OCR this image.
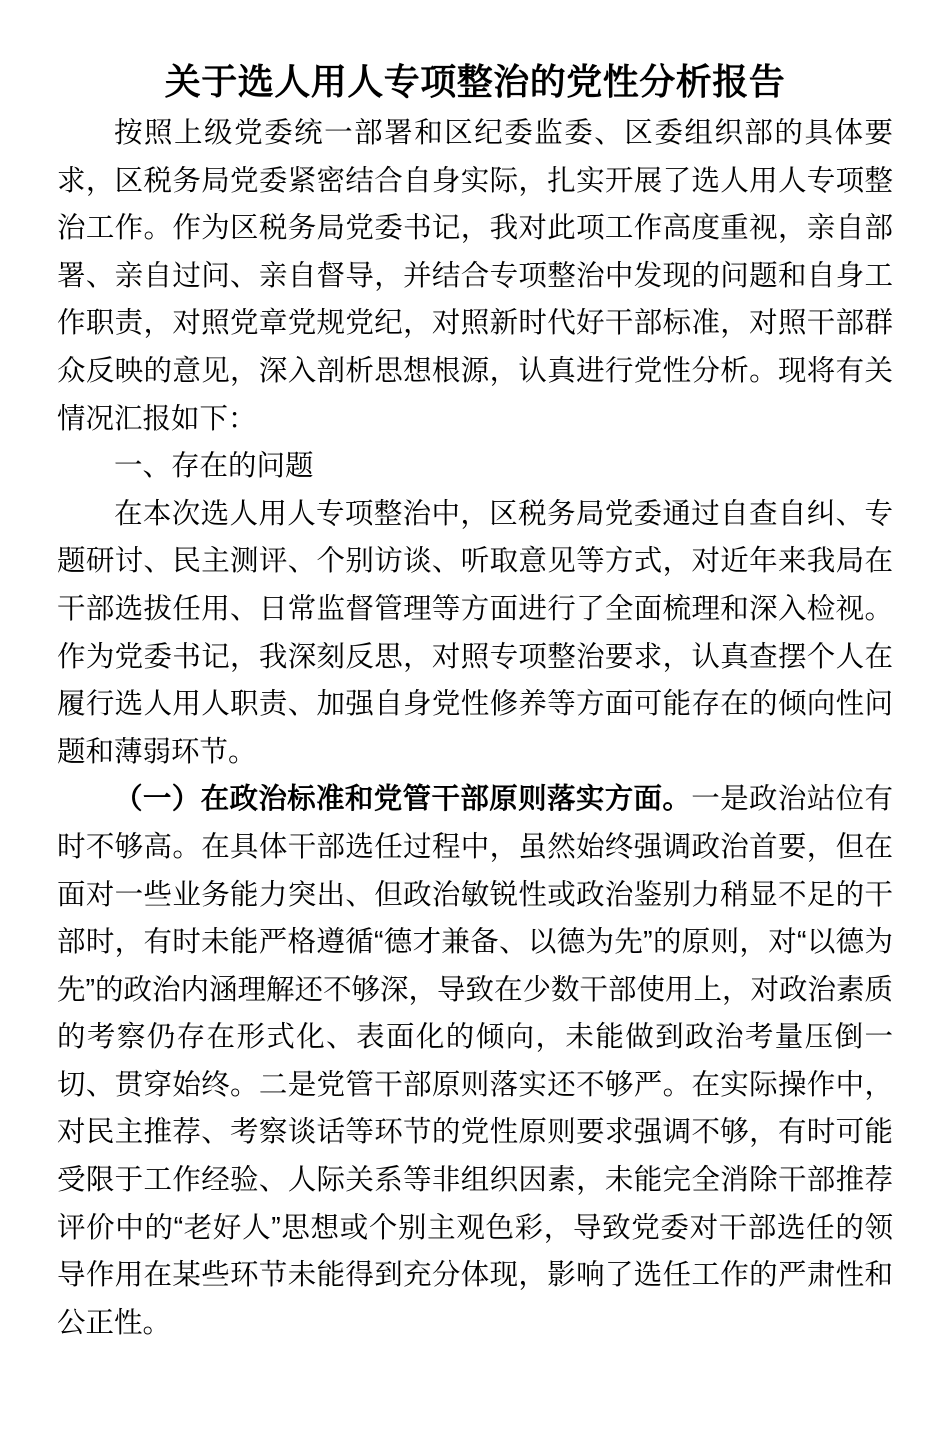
关于选人用人专项整治的党性分析报告

按照上级党委统一部署和区纪委监委、区委组织部的具体要求，区税务局党委紧密结合自身实际，扎实开展了选人用人专项整治工作。作为区税务局党委书记，我对此项工作高度重视，亲自部署、亲自过问、亲自督导，并结合专项整治中发现的问题和自身工作职责，对照党章党规党纪，对照新时代好干部标准，对照干部群众反映的意见，深入剖析思想根源，认真进行党性分析。现将有关情况汇报如下：

一、存在的问题

在本次选人用人专项整治中，区税务局党委通过自查自纠、专题研讨、民主测评、个别访谈、听取意见等方式，对近年来我局在干部选拔任用、日常监督管理等方面进行了全面梳理和深入检视。作为党委书记，我深刻反思，对照专项整治要求，认真查摆个人在履行选人用人职责、加强自身党性修养等方面可能存在的倾向性问题和薄弱环节。

（一）在政治标准和党管干部原则落实方面。一是政治站位有时不够高。在具体干部选任过程中，虽然始终强调政治首要，但在面对一些业务能力突出、但政治敏锐性或政治鉴别力稍显不足的干部时，有时未能严格遵循“德才兼备、以德为先”的原则，对“以德为先”的政治内涵理解还不够深，导致在少数干部使用上，对政治素质的考察仍存在形式化、表面化的倾向，未能做到政治考量压倒一切、贯穿始终。二是党管干部原则落实还不够严。在实际操作中，对民主推荐、考察谈话等环节的党性原则要求强调不够，有时可能受限于工作经验、人际关系等非组织因素，未能完全消除干部推荐评价中的“老好人”思想或个别主观色彩，导致党委对干部选任的领导作用在某些环节未能得到充分体现，影响了选任工作的严肃性和公正性。
